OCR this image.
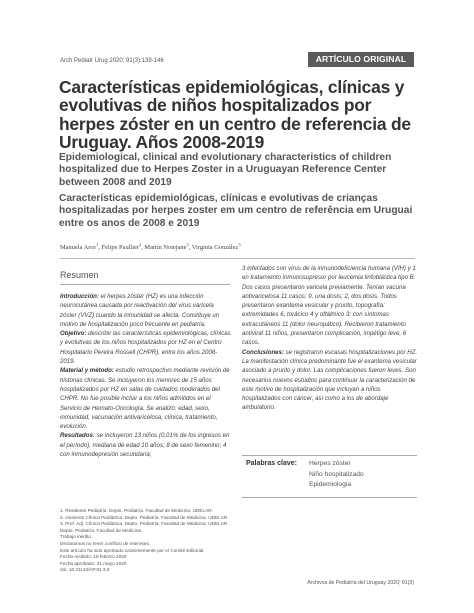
Arch Pediatr Urug 2020; 91(3):139-146	ARTÍCULO ORIGINAL
Características epidemiológicas, clínicas y evolutivas de niños hospitalizados por herpes zóster en un centro de referencia de Uruguay. Años 2008-2019
Epidemiological, clinical and evolutionary characteristics of children hospitalized due to Herpes Zoster in a Uruguayan Reference Center between 2008 and 2019
Características epidemiológicas, clínicas e evolutivas de crianças hospitalizadas por herpes zoster em um centro de referência em Uruguai entre os anos de 2008 e 2019
Manuela Arce$^1$, Felipe Paullier$^2$, Martín Notejane$^3$, Virginia González$^3$
Resumen

Introducción: el herpes zóster (HZ) es una infección neurocutánea causada por reactivación del virus varicela zóster (VVZ) cuando la inmunidad se afecta. Constituye un motivo de hospitalización poco frecuente en pediatría.

Objetivo: describir las características epidemiológicas, clínicas y evolutivas de los niños hospitalizados por HZ en el Centro Hospitalario Pereira Rossell (CHPR), entre los años 2008-2019.

Material y método: estudio retrospectivo mediante revisión de historias clínicas. Se incluyeron los menores de 15 años hospitalizados por HZ en salas de cuidados moderados del CHPR. No fue posible incluir a los niños admitidos en el Servicio de Hemato-Oncología. Se analizó: edad, sexo, inmunidad, vacunación antivaricelosa, clínica, tratamiento, evolución.

Resultados: se incluyeron 13 niños (0,01% de los ingresos en el período), mediana de edad 10 años; 8 de sexo femenino; 4 con inmunodepresión secundaria;

3 infectados con virus de la inmunodeficiencia humana (VIH) y 1 en tratamiento inmunosupresor por leucemia linfoblástica tipo B. Dos casos presentaron varicela previamente. Tenían vacuna antivaricelosa 11 casos: 9, una dosis; 2, dos dosis. Todos presentaron exantema vesicular y prurito, topografía: extremidades 6, torácico 4 y oftálmico 3; con síntomas extracutáneos 11 (dolor neuropático). Recibieron tratamiento antiviral 11 niños, presentaron complicación, impétigo leve, 6 casos.

Conclusiones: se registraron escasas hospitalizaciones por HZ. La manifestación clínica predominante fue el exantema vesicular asociado a prurito y dolor. Las complicaciones fueron leves. Son necesarios nuevos estudios para continuar la caracterización de este motivo de hospitalización que incluyan a niños hospitalizados con cáncer, así como a los de abordaje ambulatorio.

Palabras clave: Herpes zóster
Niño hospitalizado
Epidemiología
1. Residente Pediatría. Depto. Pediatría. Facultad de Medicina. UDELAR.
2. Asistente Clínica Pediátrica. Depto. Pediatría. Facultad de Medicina. UDELAR.
3. Prof. Adj. Clínica Pediátrica. Depto. Pediatría. Facultad de Medicina. UDELAR.
Depto. Pediatría. Facultad de Medicina.
Trabajo inédito.
Declaramos no tener conflicto de intereses.
Este artículo ha sido aprobado unánimemente por el Comité Editorial.
Fecha recibido: 15 febrero 2020
Fecha aprobado: 31 mayo 2020
doi: 10.31134/AP.91.3.5
Archivos de Pediatría del Uruguay 2020; 91(3)
